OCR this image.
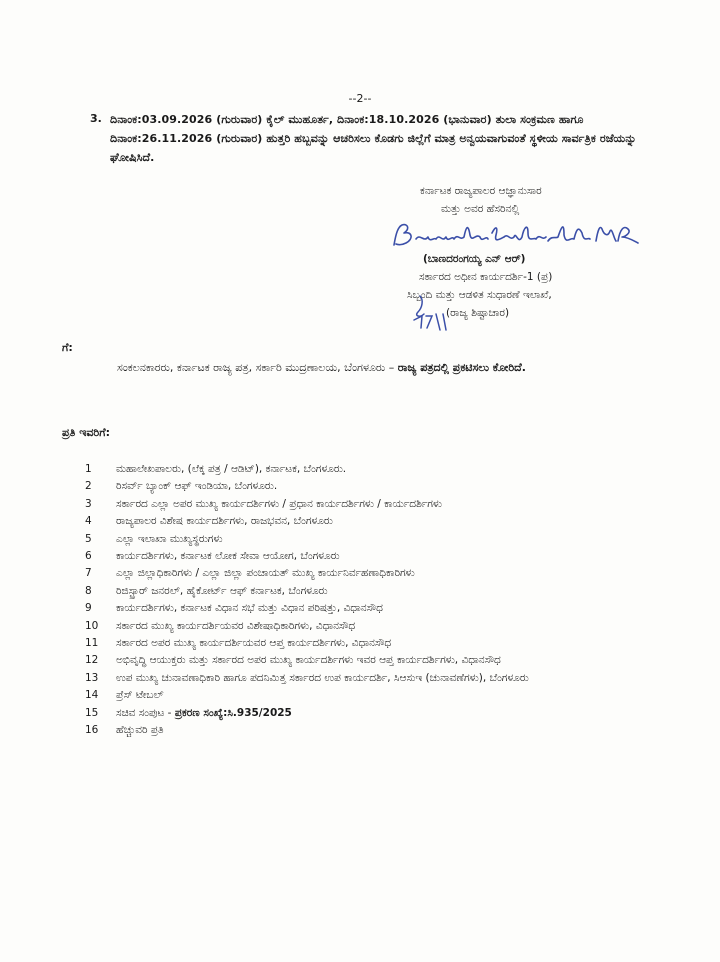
--2--
3. ದಿನಾಂಕ:03.09.2026 (ಗುರುವಾರ) ಕೈಲ್ ಮುಹೂರ್ತ, ದಿನಾಂಕ:18.10.2026 (ಭಾನುವಾರ) ತುಲಾ ಸಂಕ್ರಮಣ ಹಾಗೂ ದಿನಾಂಕ:26.11.2026 (ಗುರುವಾರ) ಹುತ್ತರಿ ಹಬ್ಬವನ್ನು ಆಚರಿಸಲು ಕೊಡಗು ಜಿಲ್ಲೆಗೆ ಮಾತ್ರ ಅನ್ವಯವಾಗುವಂತೆ ಸ್ಥಳೀಯ ಸಾರ್ವತ್ರಿಕ ರಜೆಯನ್ನು ಘೋಷಿಸಿದೆ.
ಕರ್ನಾಟಕ ರಾಜ್ಯಪಾಲರ ಆಜ್ಞಾನುಸಾರ
ಮತ್ತು ಅವರ ಹೆಸರಿನಲ್ಲಿ
(ಬಾಣದರಂಗಯ್ಯ ಎನ್ ಆರ್)
ಸರ್ಕಾರದ ಅಧೀನ ಕಾರ್ಯದರ್ಶಿ-1 (ಪ್ರ)
ಸಿಬ್ಬಂದಿ ಮತ್ತು ಆಡಳಿತ ಸುಧಾರಣೆ ಇಲಾಖೆ,
(ರಾಜ್ಯ ಶಿಷ್ಟಾಚಾರ)
ಗೆ:
ಸಂಕಲನಕಾರರು, ಕರ್ನಾಟಕ ರಾಜ್ಯ ಪತ್ರ, ಸರ್ಕಾರಿ ಮುದ್ರಣಾಲಯ, ಬೆಂಗಳೂರು – ರಾಜ್ಯ ಪತ್ರದಲ್ಲಿ ಪ್ರಕಟಿಸಲು ಕೋರಿದೆ.
ಪ್ರತಿ ಇವರಿಗೆ:
1	ಮಹಾಲೇಖಪಾಲರು, (ಲೆಕ್ಕ ಪತ್ರ / ಆಡಿಟ್), ಕರ್ನಾಟಕ, ಬೆಂಗಳೂರು.
2	ರಿಸರ್ವ್ ಬ್ಯಾಂಕ್ ಆಫ್ ಇಂಡಿಯಾ, ಬೆಂಗಳೂರು.
3	ಸರ್ಕಾರದ ಎಲ್ಲಾ ಅಪರ ಮುಖ್ಯ ಕಾರ್ಯದರ್ಶಿಗಳು / ಪ್ರಧಾನ ಕಾರ್ಯದರ್ಶಿಗಳು / ಕಾರ್ಯದರ್ಶಿಗಳು
4	ರಾಜ್ಯಪಾಲರ ವಿಶೇಷ ಕಾರ್ಯದರ್ಶಿಗಳು, ರಾಜಭವನ, ಬೆಂಗಳೂರು
5	ಎಲ್ಲಾ ಇಲಾಖಾ ಮುಖ್ಯಸ್ಥರುಗಳು
6	ಕಾರ್ಯದರ್ಶಿಗಳು, ಕರ್ನಾಟಕ ಲೋಕ ಸೇವಾ ಆಯೋಗ, ಬೆಂಗಳೂರು
7	ಎಲ್ಲಾ ಜಿಲ್ಲಾಧಿಕಾರಿಗಳು / ಎಲ್ಲಾ ಜಿಲ್ಲಾ ಪಂಚಾಯತ್ ಮುಖ್ಯ ಕಾರ್ಯನಿರ್ವಹಣಾಧಿಕಾರಿಗಳು
8	ರಿಜಿಸ್ಟ್ರಾರ್ ಜನರಲ್, ಹೈಕೋರ್ಟ್ ಆಫ್ ಕರ್ನಾಟಕ, ಬೆಂಗಳೂರು
9	ಕಾರ್ಯದರ್ಶಿಗಳು, ಕರ್ನಾಟಕ ವಿಧಾನ ಸಭೆ ಮತ್ತು ವಿಧಾನ ಪರಿಷತ್ತು, ವಿಧಾನಸೌಧ
10	ಸರ್ಕಾರದ ಮುಖ್ಯ ಕಾರ್ಯದರ್ಶಿಯವರ ವಿಶೇಷಾಧಿಕಾರಿಗಳು, ವಿಧಾನಸೌಧ
11	ಸರ್ಕಾರದ ಅಪರ ಮುಖ್ಯ ಕಾರ್ಯದರ್ಶಿಯವರ ಆಪ್ತ ಕಾರ್ಯದರ್ಶಿಗಳು, ವಿಧಾನಸೌಧ
12	ಅಭಿವೃದ್ಧಿ ಆಯುಕ್ತರು ಮತ್ತು ಸರ್ಕಾರದ ಅಪರ ಮುಖ್ಯ ಕಾರ್ಯದರ್ಶಿಗಳು ಇವರ ಆಪ್ತ ಕಾರ್ಯದರ್ಶಿಗಳು, ವಿಧಾನಸೌಧ
13	ಉಪ ಮುಖ್ಯ ಚುನಾವಣಾಧಿಕಾರಿ ಹಾಗೂ ಪದನಿಮಿತ್ತ ಸರ್ಕಾರದ ಉಪ ಕಾರ್ಯದರ್ಶಿ, ಸಿಆಸುಇ (ಚುನಾವಣೆಗಳು), ಬೆಂಗಳೂರು
14	ಪ್ರೆಸ್ ಟೇಬಲ್
15	ಸಚಿವ ಸಂಪುಟ - ಪ್ರಕರಣ ಸಂಖ್ಯೆ:ಸಿ.935/2025
16	ಹೆಚ್ಚುವರಿ ಪ್ರತಿ
